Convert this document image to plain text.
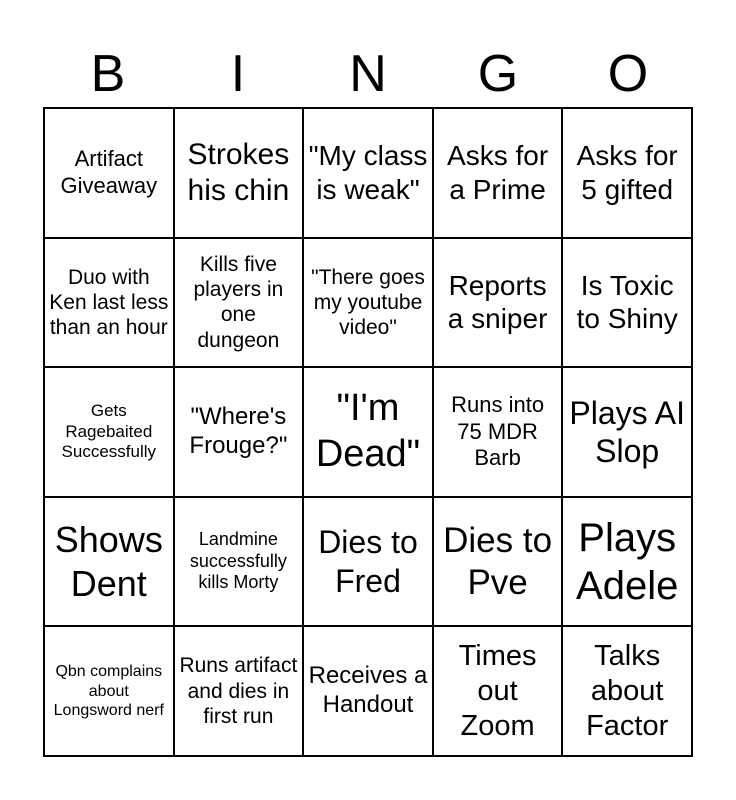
B	I	N	G	O
Artifact Giveaway
Strokes his chin
"My class is weak"
Asks for a Prime
Asks for 5 gifted
Duo with Ken last less than an hour
Kills five players in one dungeon
"There goes my youtube video"
Reports a sniper
Is Toxic to Shiny
Gets Ragebaited Successfully
"Where's Frouge?"
"I'm Dead"
Runs into 75 MDR Barb
Plays AI Slop
Shows Dent
Landmine successfully kills Morty
Dies to Fred
Dies to Pve
Plays Adele
Qbn complains about Longsword nerf
Runs artifact and dies in first run
Receives a Handout
Times out Zoom
Talks about Factor
